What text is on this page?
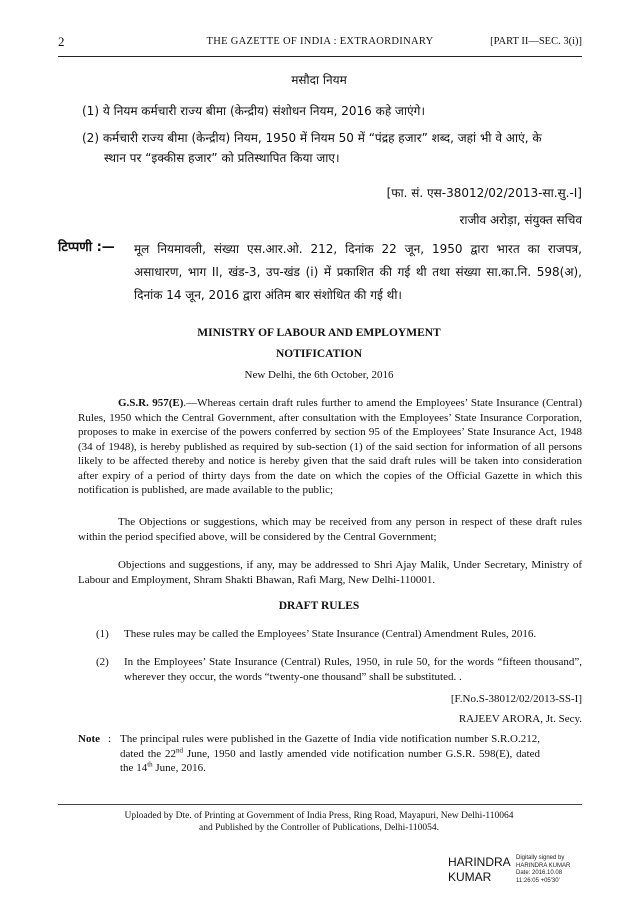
2	THE GAZETTE OF INDIA : EXTRAORDINARY	[PART II—SEC. 3(i)]
मसौदा नियम
(1) ये नियम कर्मचारी राज्य बीमा (केन्द्रीय) संशोधन नियम, 2016 कहे जाएंगे।
(2) कर्मचारी राज्य बीमा (केन्द्रीय) नियम, 1950 में नियम 50 में “पंद्रह हजार” शब्द, जहां भी वे आएं, के
स्थान पर “इक्कीस हजार” को प्रतिस्थापित किया जाए।
[फा. सं. एस-38012/02/2013-सा.सु.-I]
राजीव अरोड़ा, संयुक्त सचिव
टिप्पणी :— मूल नियमावली, संख्या एस.आर.ओ. 212, दिनांक 22 जून, 1950 द्वारा भारत का राजपत्र, असाधारण, भाग II, खंड-3, उप-खंड (i) में प्रकाशित की गई थी तथा संख्या सा.का.नि. 598(अ), दिनांक 14 जून, 2016 द्वारा अंतिम बार संशोधित की गई थी।
MINISTRY OF LABOUR AND EMPLOYMENT
NOTIFICATION
New Delhi, the 6th October, 2016
G.S.R. 957(E).—Whereas certain draft rules further to amend the Employees’ State Insurance (Central) Rules, 1950 which the Central Government, after consultation with the Employees’ State Insurance Corporation, proposes to make in exercise of the powers conferred by section 95 of the Employees’ State Insurance Act, 1948 (34 of 1948), is hereby published as required by sub-section (1) of the said section for information of all persons likely to be affected thereby and notice is hereby given that the said draft rules will be taken into consideration after expiry of a period of thirty days from the date on which the copies of the Official Gazette in which this notification is published, are made available to the public;
The Objections or suggestions, which may be received from any person in respect of these draft rules within the period specified above, will be considered by the Central Government;
Objections and suggestions, if any, may be addressed to Shri Ajay Malik, Under Secretary, Ministry of Labour and Employment, Shram Shakti Bhawan, Rafi Marg, New Delhi-110001.
DRAFT RULES
(1) These rules may be called the Employees’ State Insurance (Central) Amendment Rules, 2016.
(2) In the Employees’ State Insurance (Central) Rules, 1950, in rule 50, for the words “fifteen thousand”, wherever they occur, the words “twenty-one thousand” shall be substituted. .
[F.No.S-38012/02/2013-SS-I]
RAJEEV ARORA, Jt. Secy.
Note : The principal rules were published in the Gazette of India vide notification number S.R.O.212, dated the 22nd June, 1950 and lastly amended vide notification number G.S.R. 598(E), dated the 14th June, 2016.
Uploaded by Dte. of Printing at Government of India Press, Ring Road, Mayapuri, New Delhi-110064
and Published by the Controller of Publications, Delhi-110054.
HARINDRA
KUMAR
Digitally signed by
HARINDRA KUMAR
Date: 2016.10.08
11:26:05 +05'30'
